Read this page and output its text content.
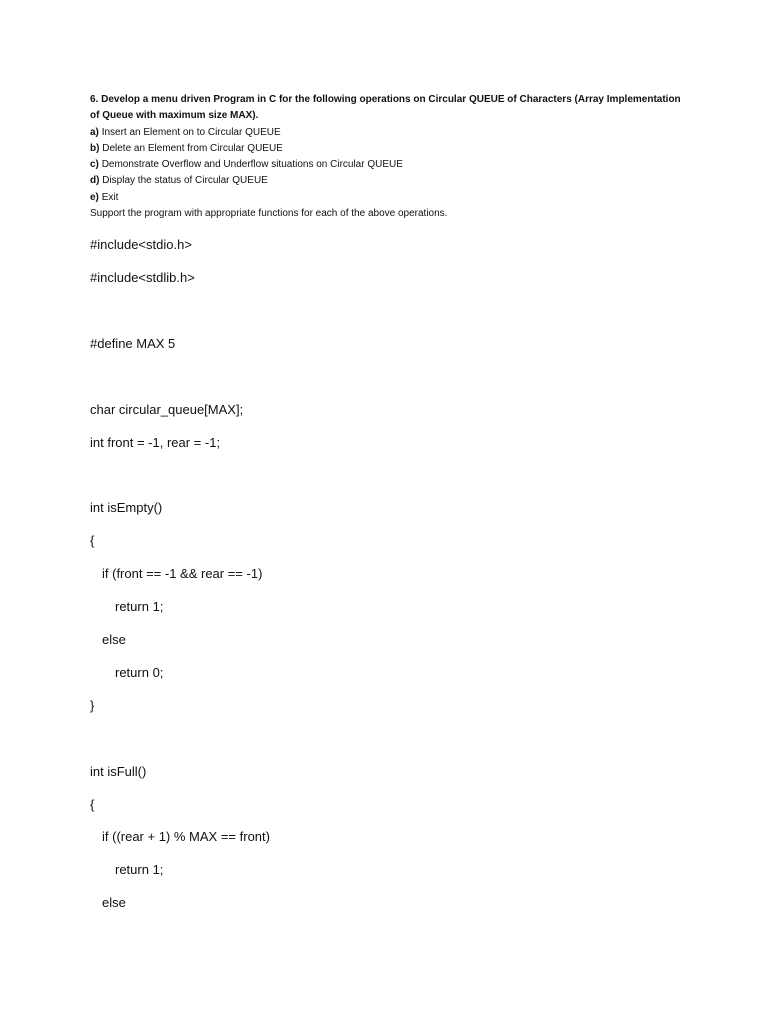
6. Develop a menu driven Program in C for the following operations on Circular QUEUE of Characters (Array Implementation of Queue with maximum size MAX).

a) Insert an Element on to Circular QUEUE

b) Delete an Element from Circular QUEUE

c) Demonstrate Overflow and Underflow situations on Circular QUEUE

d) Display the status of Circular QUEUE

e) Exit

Support the program with appropriate functions for each of the above operations.

#include<stdio.h>
#include<stdlib.h>
#define MAX 5
char circular_queue[MAX];
int front = -1, rear = -1;
int isEmpty()
{
if (front == -1 && rear == -1)
return 1;
else
return 0;
}
int isFull()
{
if ((rear + 1) % MAX == front)
return 1;
else
